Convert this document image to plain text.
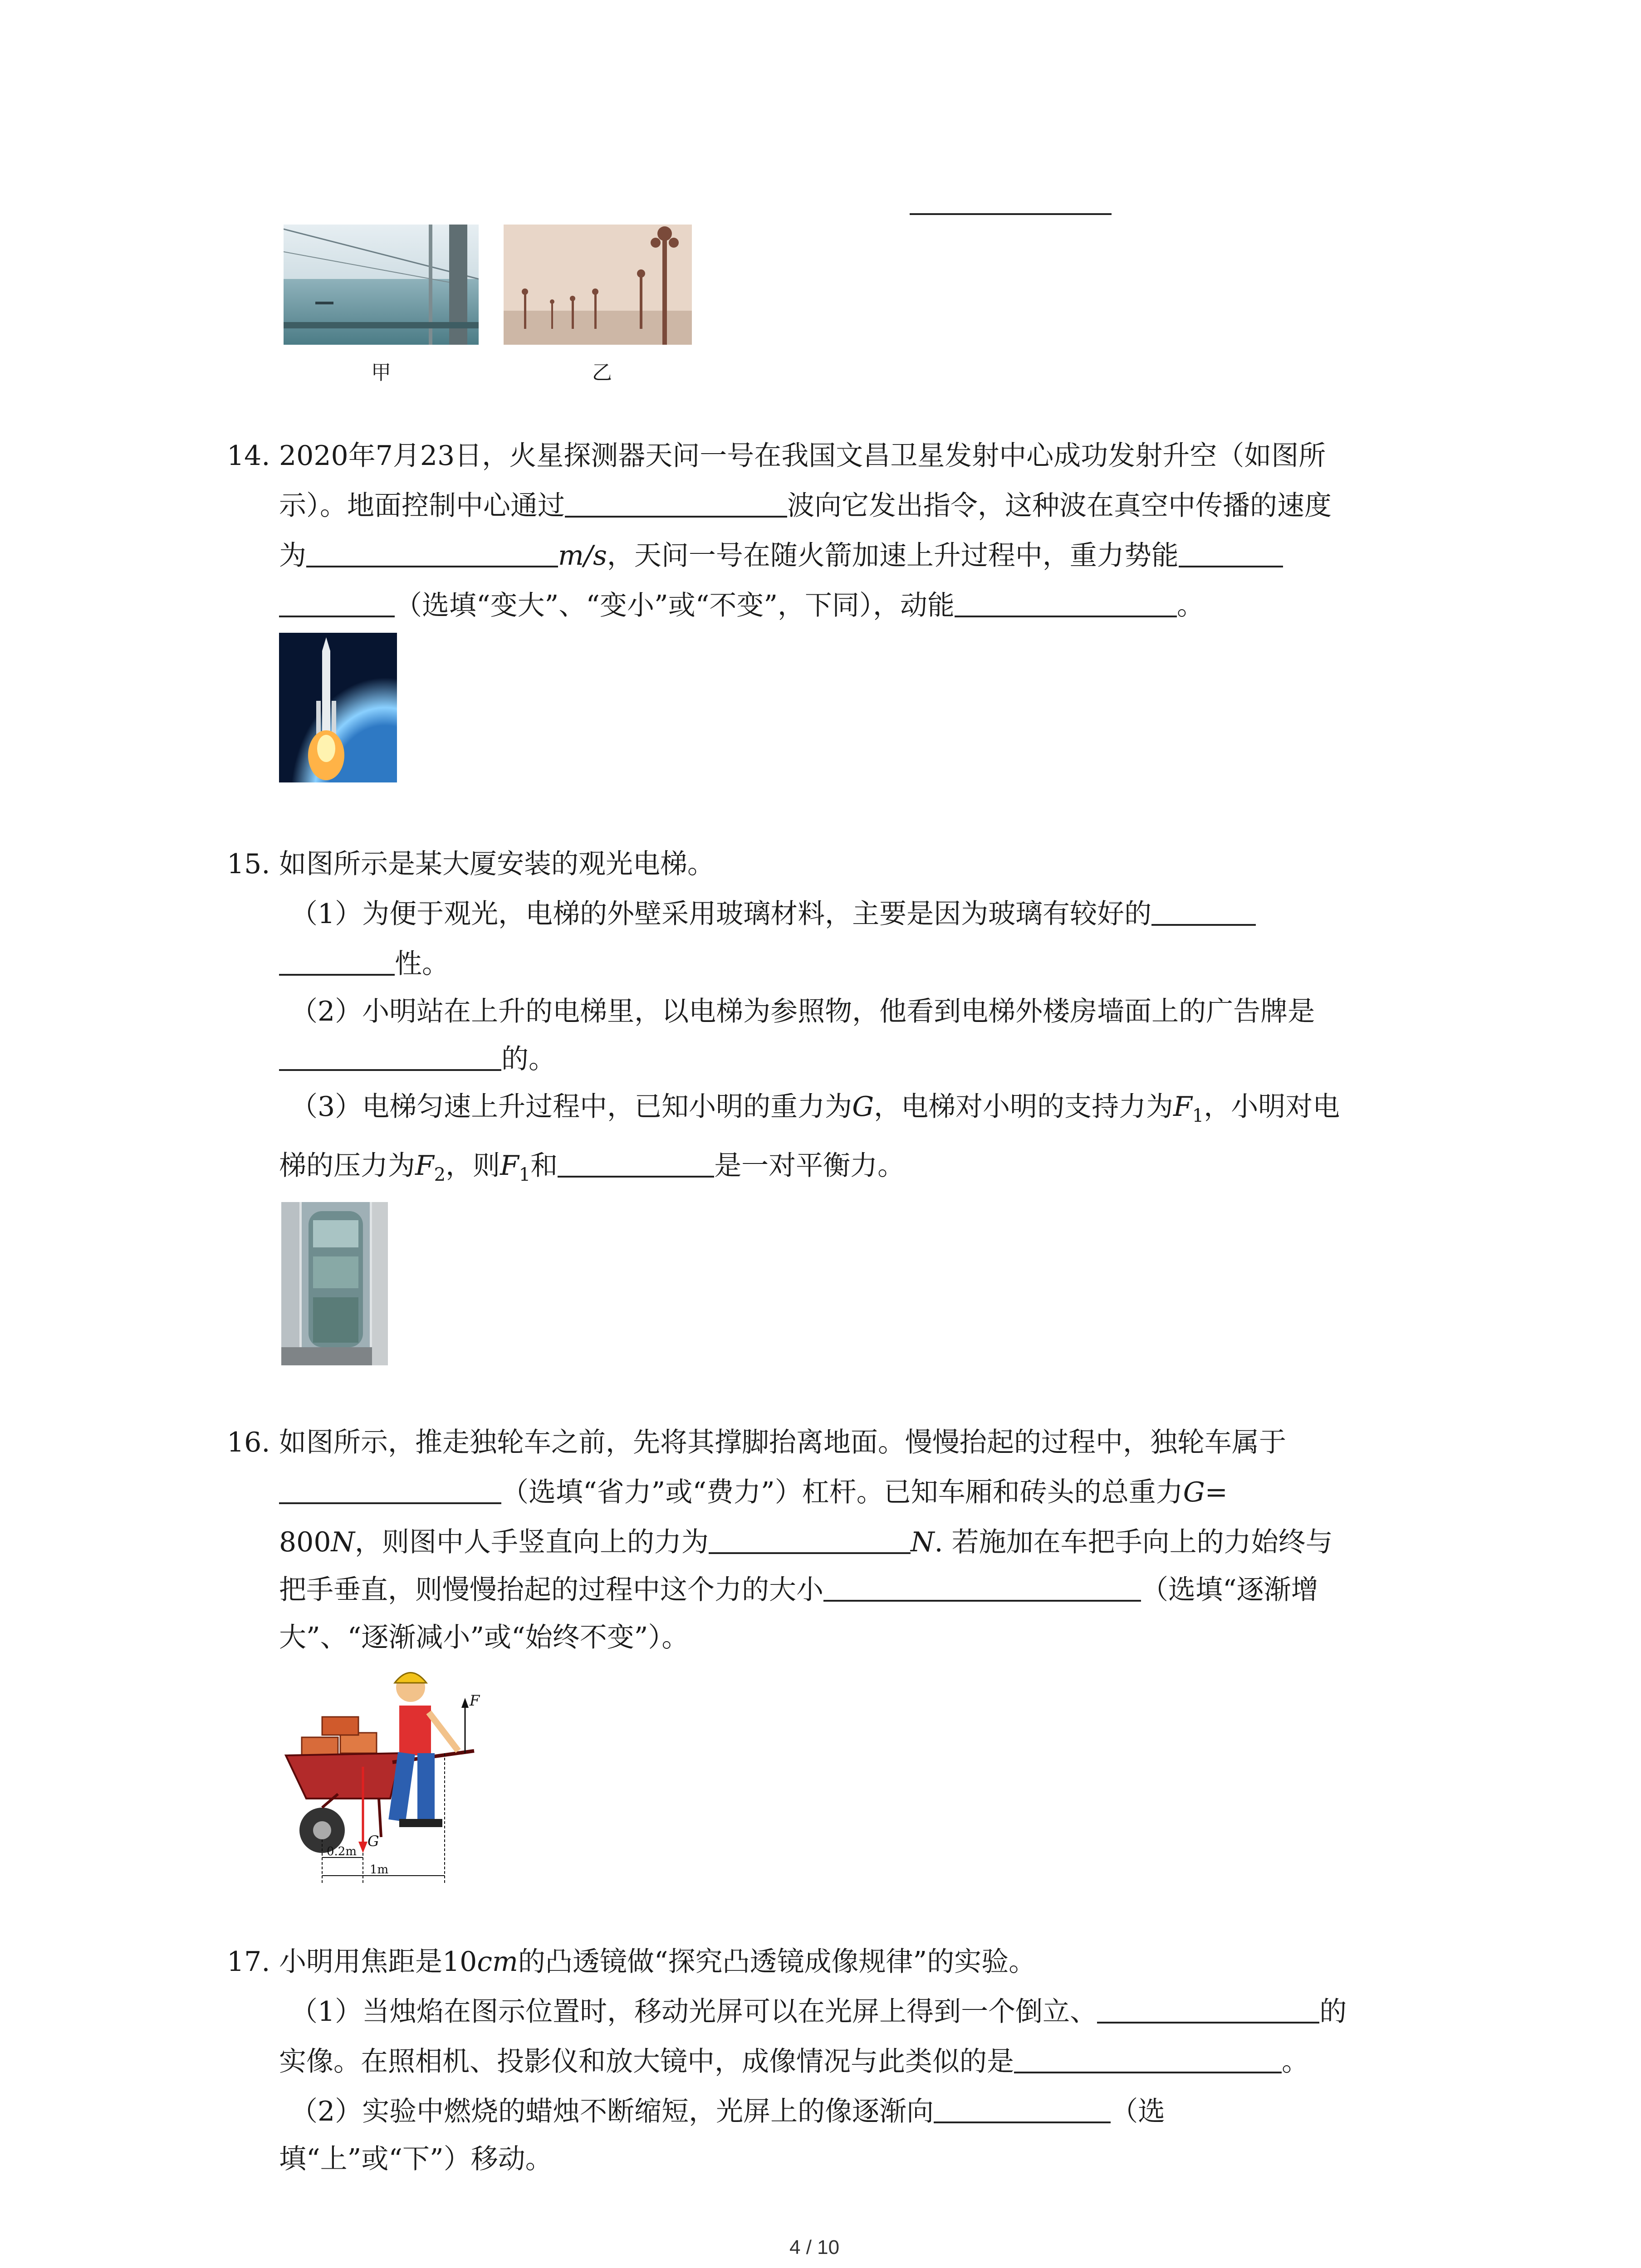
甲	乙
14. 2020年7月23日，火星探测器天问一号在我国文昌卫星发射中心成功发射升空（如图所
示）。地面控制中心通过	波向它发出指令，这种波在真空中传播的速度
为	m/s，天问一号在随火箭加速上升过程中，重力势能
（选填“变大”、“变小”或“不变”，下同），动能	。
15. 如图所示是某大厦安装的观光电梯。
（1）为便于观光，电梯的外壁采用玻璃材料，主要是因为玻璃有较好的
性。
（2）小明站在上升的电梯里，以电梯为参照物，他看到电梯外楼房墙面上的广告牌是
的。
（3）电梯匀速上升过程中，已知小明的重力为G，电梯对小明的支持力为$F_1$，小明对电
梯的压力为$F_2$，则$F_1$和	是一对平衡力。
16. 如图所示，推走独轮车之前，先将其撑脚抬离地面。慢慢抬起的过程中，独轮车属于
（选填“省力”或“费力”）杠杆。已知车厢和砖头的总重力G=
800N，则图中人手竖直向上的力为	N. 若施加在车把手向上的力始终与
把手垂直，则慢慢抬起的过程中这个力的大小	（选填“逐渐增
大”、“逐渐减小”或“始终不变”）。
G
F
0.2m
1m
17. 小明用焦距是10cm的凸透镜做“探究凸透镜成像规律”的实验。
（1）当烛焰在图示位置时，移动光屏可以在光屏上得到一个倒立、	的
实像。在照相机、投影仪和放大镜中，成像情况与此类似的是	。
（2）实验中燃烧的蜡烛不断缩短，光屏上的像逐渐向	（选
填“上”或“下”）移动。
4 / 10
